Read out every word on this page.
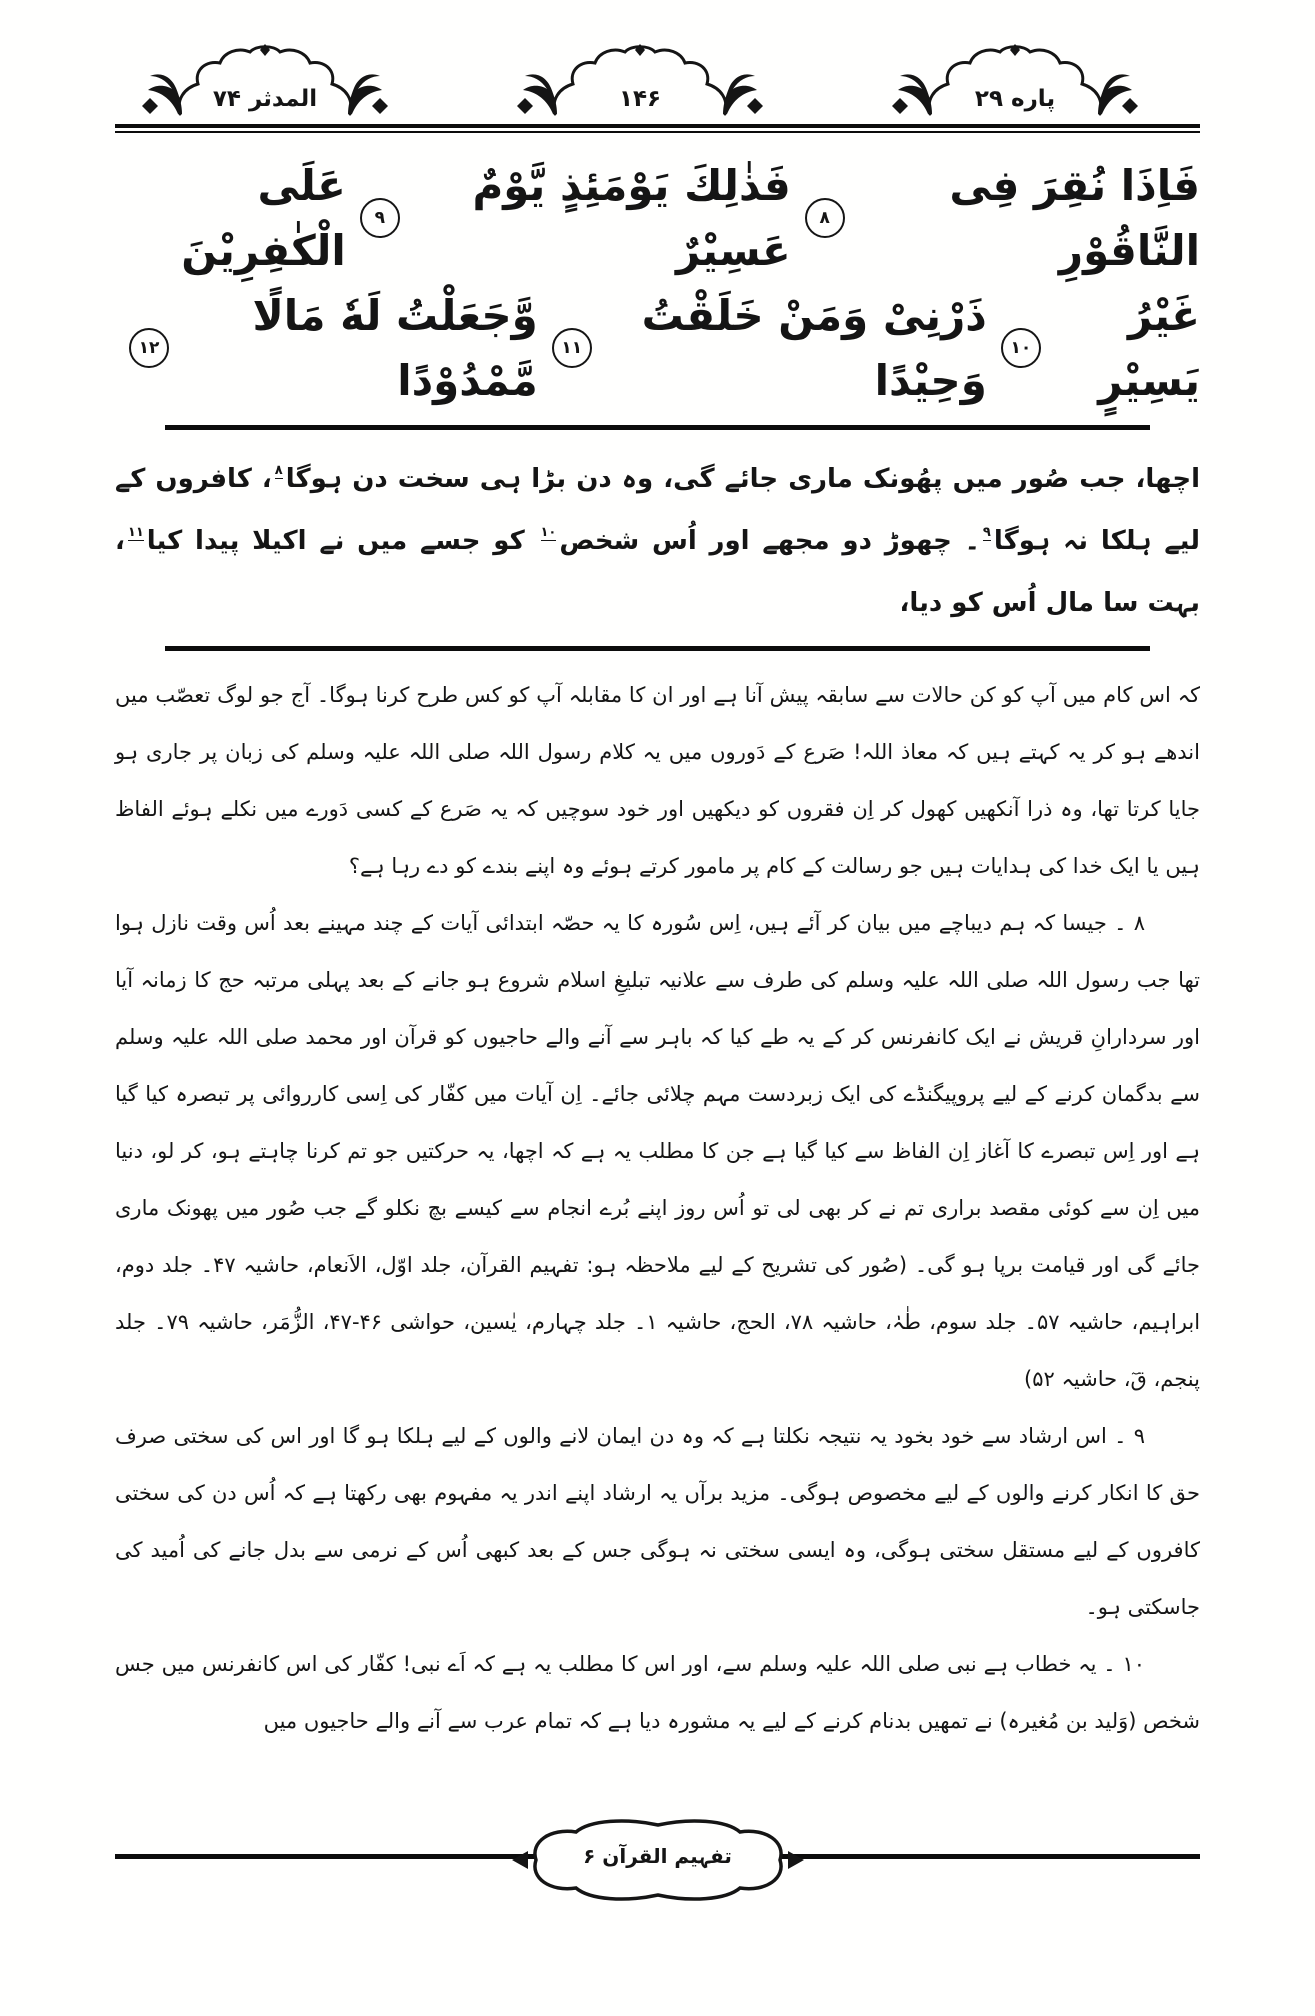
پاره ۲۹
۱۴۶
المدثر ۷۴
فَاِذَا نُقِرَ فِی النَّاقُوْرِ
۸
فَذٰلِكَ یَوْمَئِذٍ یَّوْمٌ عَسِیْرٌ
۹
عَلَی الْكٰفِرِیْنَ
غَیْرُ یَسِیْرٍ
۱۰
ذَرْنِیْ وَمَنْ خَلَقْتُ وَحِیْدًا
۱۱
وَّجَعَلْتُ لَهٗ مَالًا مَّمْدُوْدًا
۱۲
اچھا، جب صُور میں پھُونک ماری جائے گی، وہ دن بڑا ہی سخت دن ہوگا$^۸$، کافروں کے لیے ہلکا نہ ہوگا$^۹$۔ چھوڑ دو مجھے اور اُس شخص$^{۱۰}$ کو جسے میں نے اکیلا پیدا کیا$^{۱۱}$، بہت سا مال اُس کو دیا،

کہ اس کام میں آپ کو کن حالات سے سابقہ پیش آنا ہے اور ان کا مقابلہ آپ کو کس طرح کرنا ہوگا۔ آج جو لوگ تعصّب میں اندھے ہو کر یہ کہتے ہیں کہ معاذ اللہ! صَرع کے دَوروں میں یہ کلام رسول اللہ صلی اللہ علیہ وسلم کی زبان پر جاری ہو جایا کرتا تھا، وہ ذرا آنکھیں کھول کر اِن فقروں کو دیکھیں اور خود سوچیں کہ یہ صَرع کے کسی دَورے میں نکلے ہوئے الفاظ ہیں یا ایک خدا کی ہدایات ہیں جو رسالت کے کام پر مامور کرتے ہوئے وہ اپنے بندے کو دے رہا ہے؟

۸ ۔ جیسا کہ ہم دیباچے میں بیان کر آئے ہیں، اِس سُورہ کا یہ حصّہ ابتدائی آیات کے چند مہینے بعد اُس وقت نازل ہوا تھا جب رسول اللہ صلی اللہ علیہ وسلم کی طرف سے علانیہ تبلیغِ اسلام شروع ہو جانے کے بعد پہلی مرتبہ حج کا زمانہ آیا اور سردارانِ قریش نے ایک کانفرنس کر کے یہ طے کیا کہ باہر سے آنے والے حاجیوں کو قرآن اور محمد صلی اللہ علیہ وسلم سے بدگمان کرنے کے لیے پروپیگنڈے کی ایک زبردست مہم چلائی جائے۔ اِن آیات میں کفّار کی اِسی کارروائی پر تبصرہ کیا گیا ہے اور اِس تبصرے کا آغاز اِن الفاظ سے کیا گیا ہے جن کا مطلب یہ ہے کہ اچھا، یہ حرکتیں جو تم کرنا چاہتے ہو، کر لو، دنیا میں اِن سے کوئی مقصد براری تم نے کر بھی لی تو اُس روز اپنے بُرے انجام سے کیسے بچ نکلو گے جب صُور میں پھونک ماری جائے گی اور قیامت برپا ہو گی۔ (صُور کی تشریح کے لیے ملاحظہ ہو: تفہیم القرآن، جلد اوّل، الاَنعام، حاشیہ ۴۷۔ جلد دوم، ابراہیم، حاشیہ ۵۷۔ جلد سوم، طٰہٰ، حاشیہ ۷۸، الحج، حاشیہ ۱۔ جلد چہارم، یٰسین، حواشی ۴۶-۴۷، الزُّمَر، حاشیہ ۷۹۔ جلد پنجم، قٓ، حاشیہ ۵۲)

۹ ۔ اس ارشاد سے خود بخود یہ نتیجہ نکلتا ہے کہ وہ دن ایمان لانے والوں کے لیے ہلکا ہو گا اور اس کی سختی صرف حق کا انکار کرنے والوں کے لیے مخصوص ہوگی۔ مزید برآں یہ ارشاد اپنے اندر یہ مفہوم بھی رکھتا ہے کہ اُس دن کی سختی کافروں کے لیے مستقل سختی ہوگی، وہ ایسی سختی نہ ہوگی جس کے بعد کبھی اُس کے نرمی سے بدل جانے کی اُمید کی جاسکتی ہو۔

۱۰ ۔ یہ خطاب ہے نبی صلی اللہ علیہ وسلم سے، اور اس کا مطلب یہ ہے کہ اَے نبی! کفّار کی اس کانفرنس میں جس شخص (وَلید بن مُغیرہ) نے تمھیں بدنام کرنے کے لیے یہ مشورہ دیا ہے کہ تمام عرب سے آنے والے حاجیوں میں

تفہیم القرآن ۶
